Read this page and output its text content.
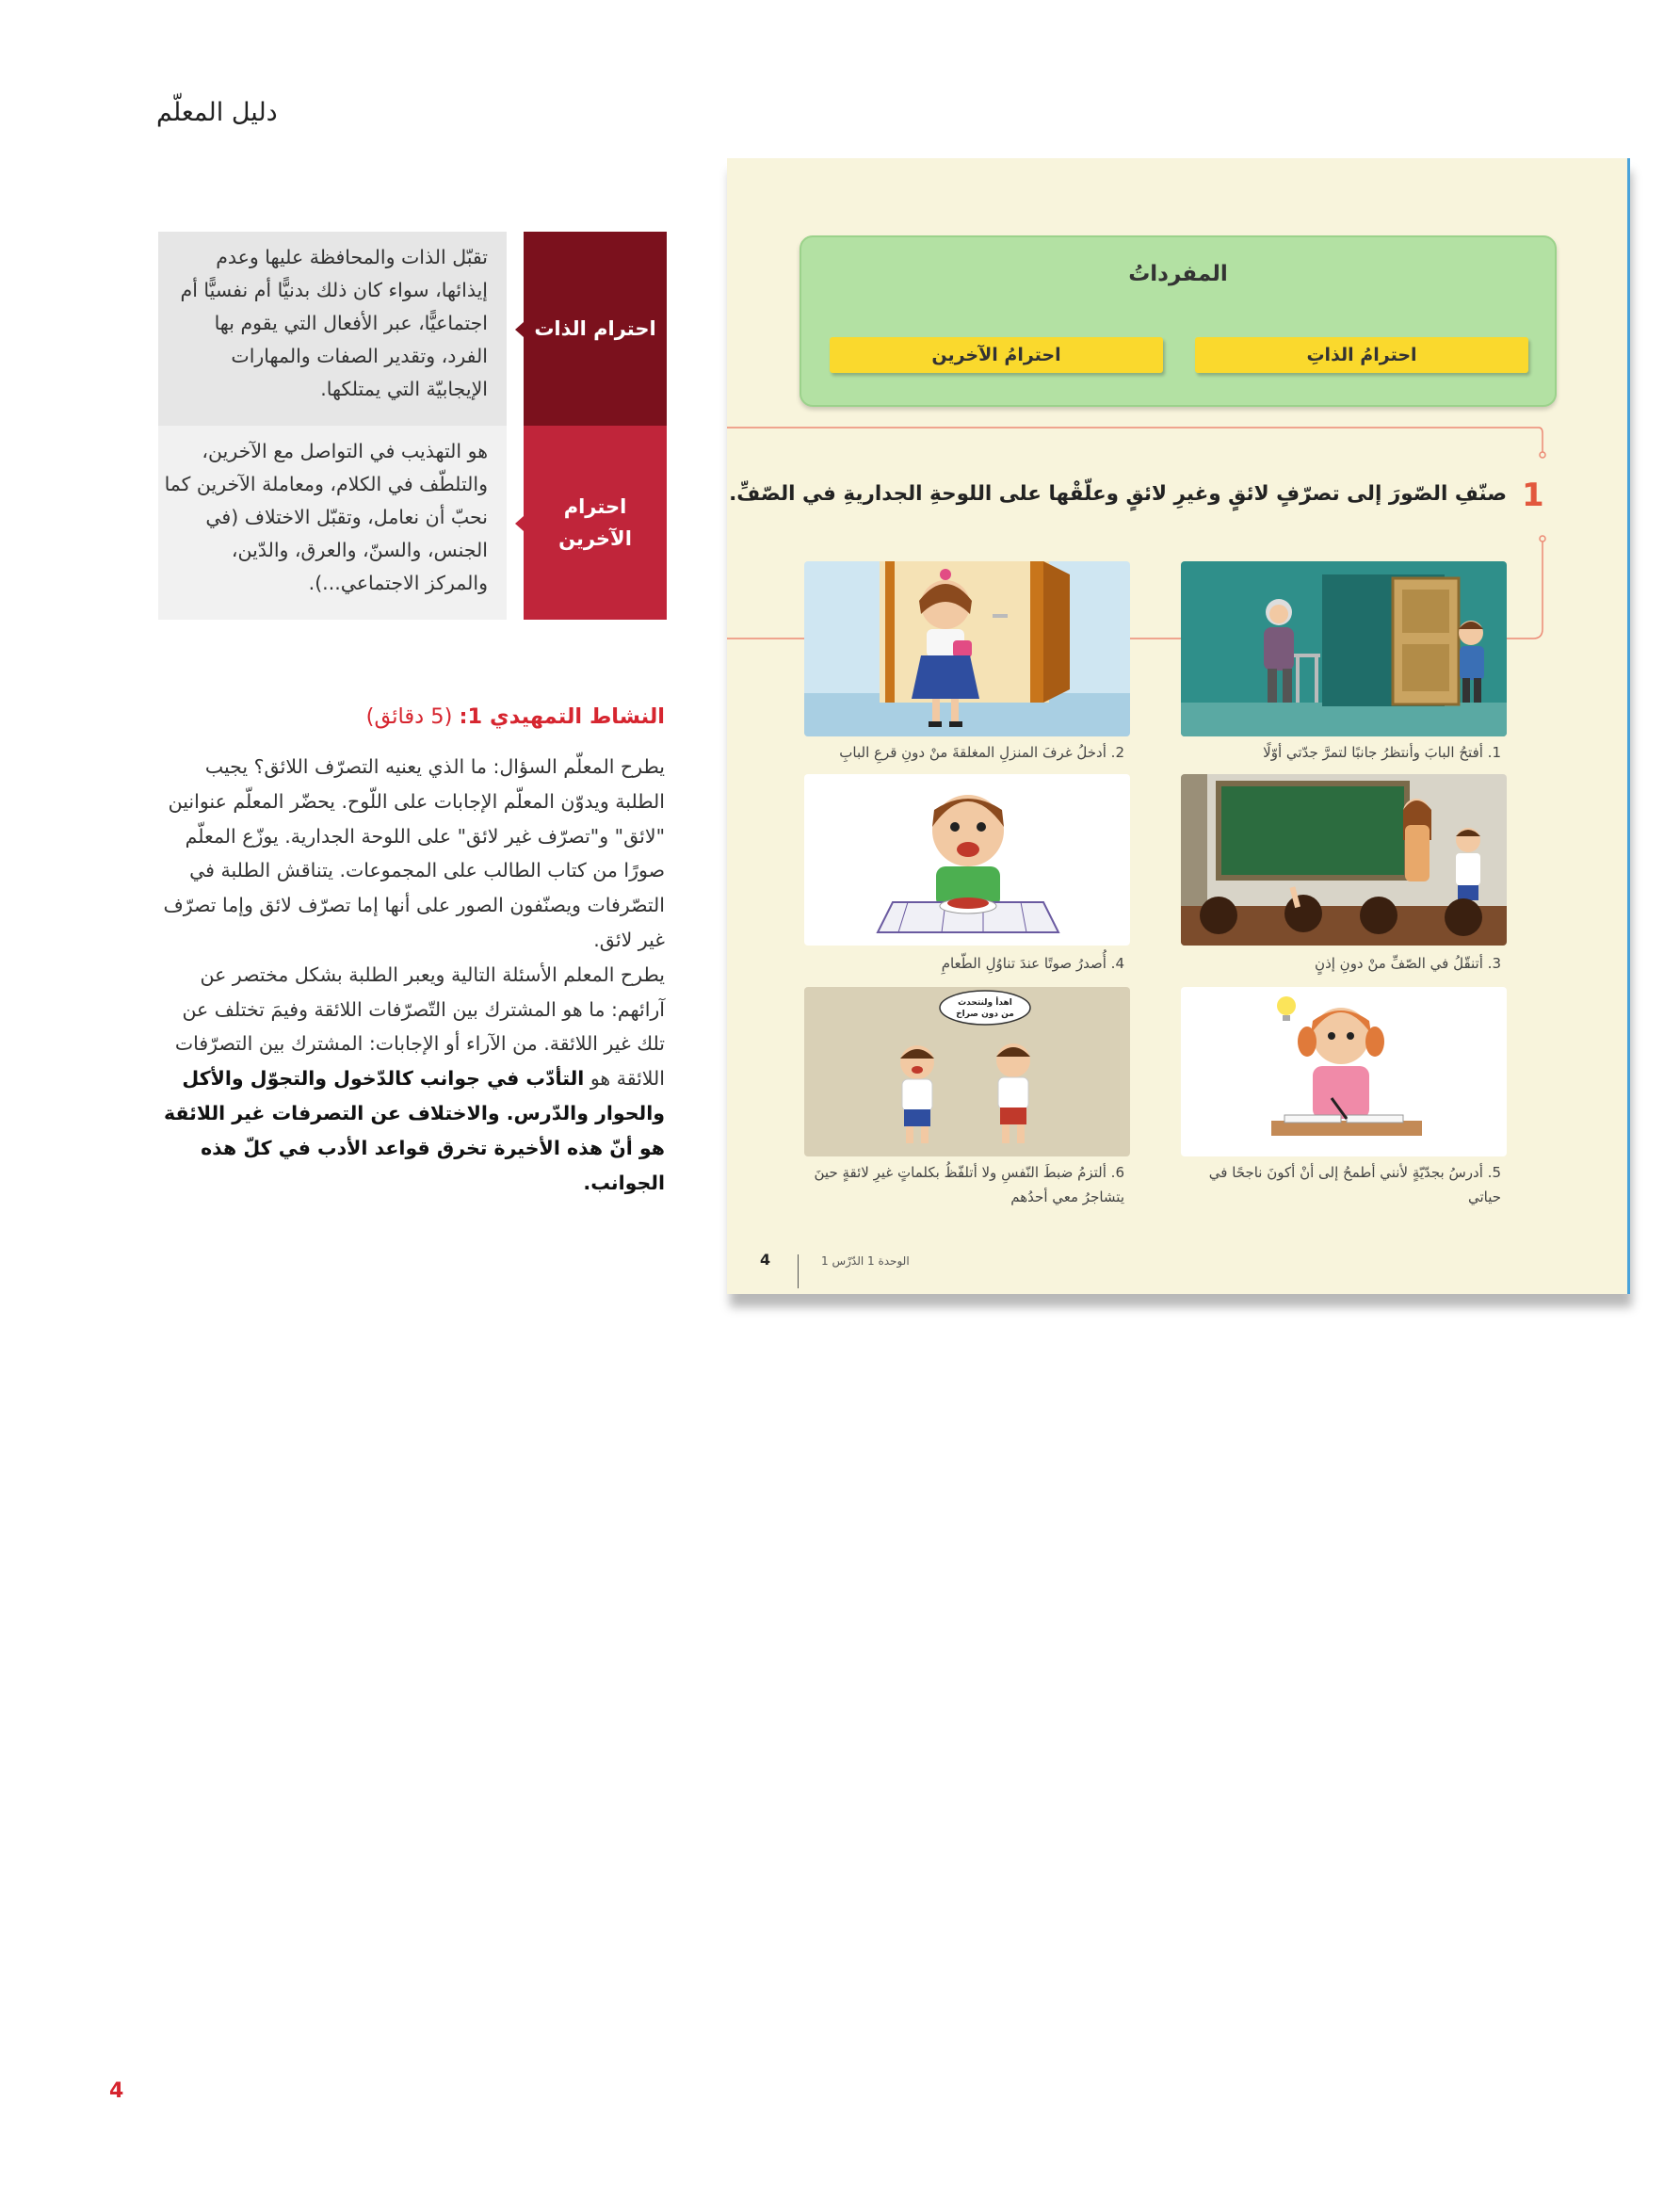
دليل المعلّم
تقبّل الذات والمحافظة عليها وعدم إيذائها، سواء كان ذلك بدنيًّا أم نفسيًّا أم اجتماعيًّا، عبر الأفعال التي يقوم بها الفرد، وتقدير الصفات والمهارات الإيجابيّة التي يمتلكها.
احترام الذات
هو التهذيب في التواصل مع الآخرين، والتلطّف في الكلام، ومعاملة الآخرين كما نحبّ أن نعامل، وتقبّل الاختلاف (في الجنس، والسنّ، والعرق، والدّين، والمركز الاجتماعي...).
احترام الآخرين
النشاط التمهيدي 1: (5 دقائق)

يطرح المعلّم السؤال: ما الذي يعنيه التصرّف اللائق؟ يجيب الطلبة ويدوّن المعلّم الإجابات على اللّوح. يحضّر المعلّم عنوانين "لائق" و"تصرّف غير لائق" على اللوحة الجدارية. يوزّع المعلّم صورًا من كتاب الطالب على المجموعات. يتناقش الطلبة في التصّرفات ويصنّفون الصور على أنها إما تصرّف لائق وإما تصرّف غير لائق.

يطرح المعلم الأسئلة التالية ويعبر الطلبة بشكل مختصر عن آرائهم: ما هو المشترك بين التّصرّفات اللائقة وفيمَ تختلف عن تلك غير اللائقة. من الآراء أو الإجابات: المشترك بين التصرّفات اللائقة هو التأدّب في جوانب كالدّخول والتجوّل والأكل والحوار والدّرس. والاختلاف عن التصرفات غير اللائقة هو أنّ هذه الأخيرة تخرق قواعد الأدب في كلّ هذه الجوانب.

المفرداتُ
احترامُ الذاتِ
احترامُ الآخرين
1
صنّفِ الصّورَ إلى تصرّفٍ لائقٍ وغيرِ لائقٍ وعلّقْها على اللوحةِ الجداريةِ في الصّفِّ.
1. أفتحُ البابَ وأنتظرُ جانبًا لتمرَّ جدّتي أوّلًا
2. أدخلُ غرفَ المنزلِ المغلقةَ منْ دونِ قرعِ البابِ
3. أتنقّلُ في الصّفِّ منْ دونِ إذنٍ
4. أُصدرُ صوتًا عندَ تناوُلِ الطّعامِ
5. أدرسُ بجدّيّةٍ لأنني أطمحُ إلى أنْ أكونَ ناجحًا في حياتي
اهدأ ولنتحدث
من دون صراخ
6. ألتزمُ ضبطَ النّفسِ ولا أتلفّظُ بكلماتٍ غيرِ لائقةٍ حينَ يتشاجرُ معي أحدُهم
4	الوحدة 1 الدّرْس 1
4
